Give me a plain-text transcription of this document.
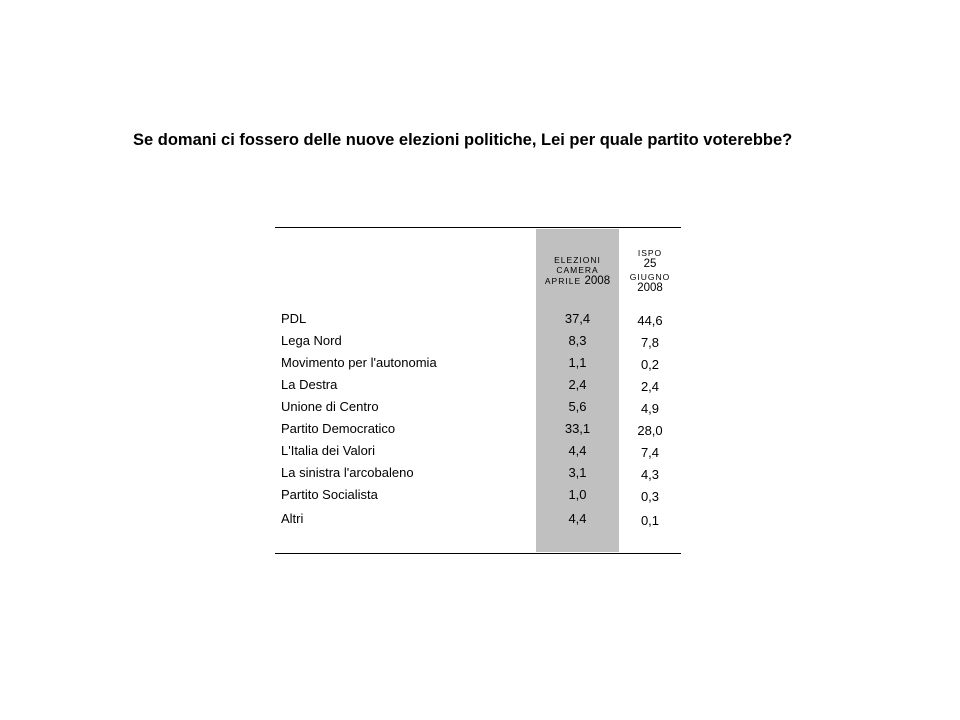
Se domani ci fossero delle nuove elezioni politiche, Lei per quale partito voterebbe?
ELEZIONI
CAMERA
APRILE 2008
ISPO
25
GIUGNO
2008
PDL	37,4	44,6
Lega Nord	8,3	7,8
Movimento per l'autonomia	1,1	0,2
La Destra	2,4	2,4
Unione di Centro	5,6	4,9
Partito Democratico	33,1	28,0
L'Italia dei Valori	4,4	7,4
La sinistra l'arcobaleno	3,1	4,3
Partito Socialista	1,0	0,3
Altri	4,4	0,1
